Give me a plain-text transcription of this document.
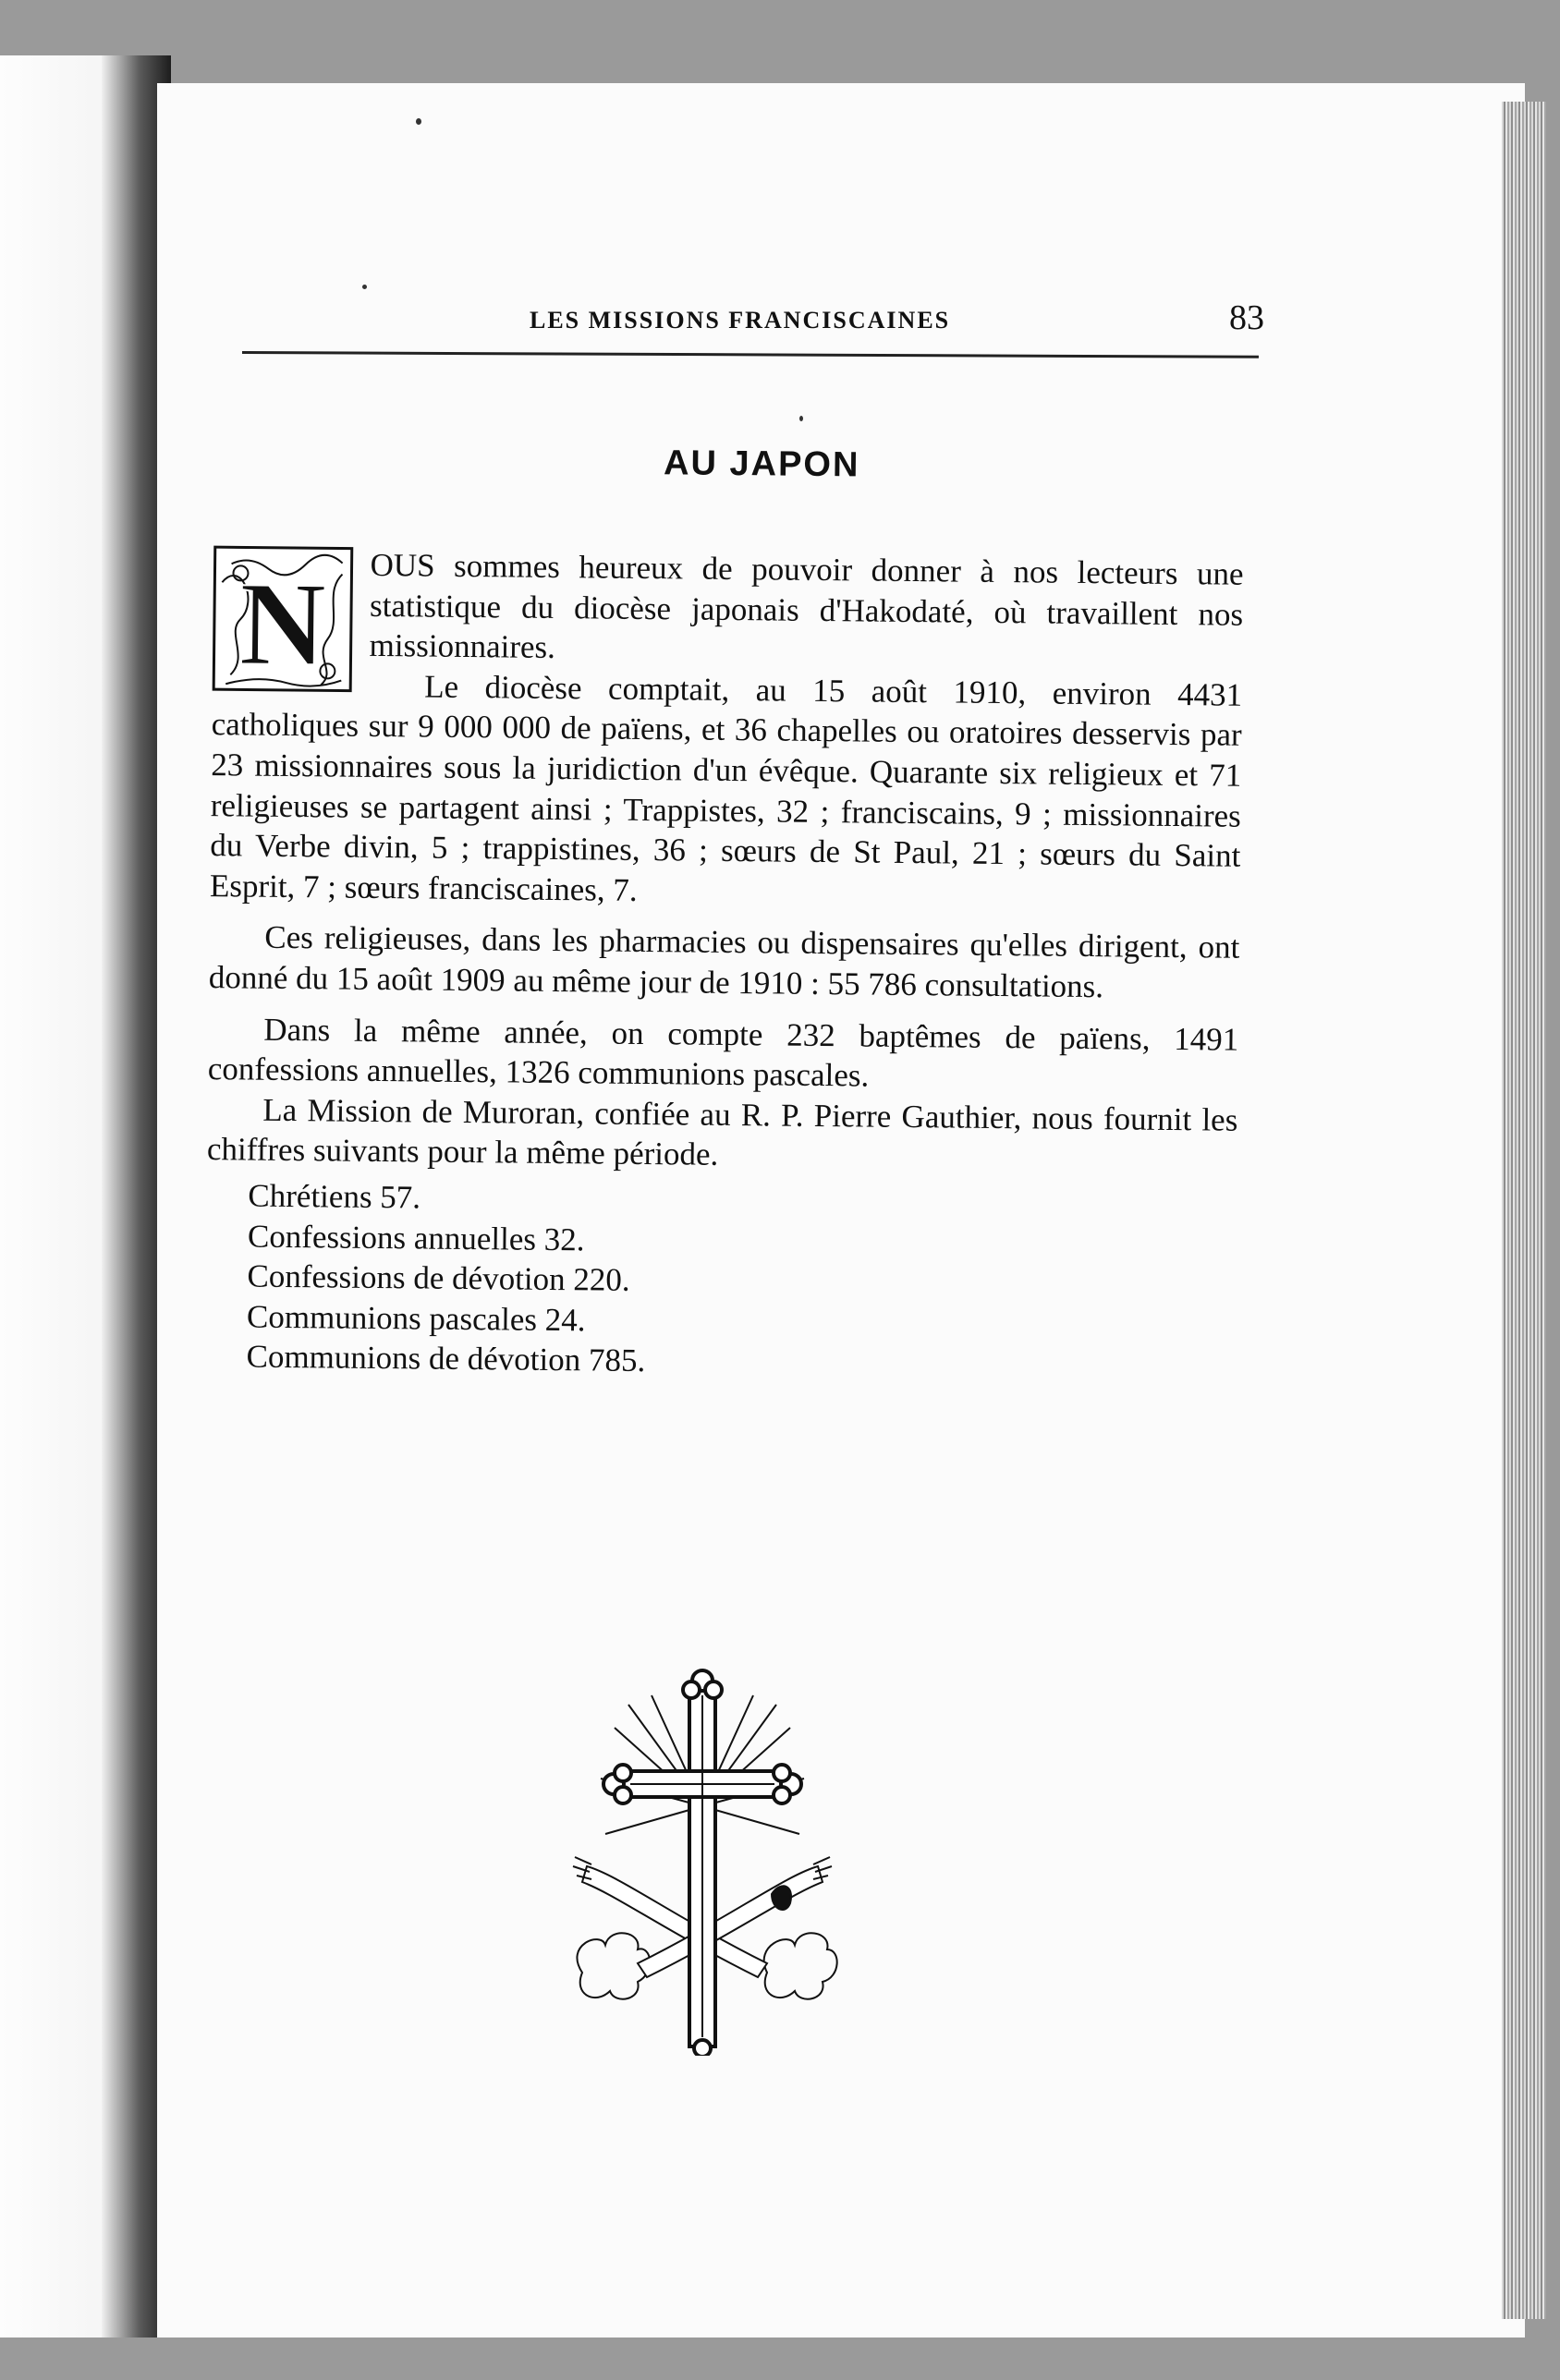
LES MISSIONS FRANCISCAINES	83
AU JAPON
N	OUS sommes heureux de pouvoir donner à nos lecteurs une statistique du diocèse japonais d'Hakodaté, où travaillent nos missionnaires.

Le diocèse comptait, au 15 août 1910, environ 4431 catholiques sur 9 000 000 de païens, et 36 chapelles ou oratoires desservis par 23 missionnaires sous la juridiction d'un évêque. Quarante six religieux et 71 religieuses se partagent ainsi ; Trappistes, 32 ; franciscains, 9 ; missionnaires du Verbe divin, 5 ; trappistines, 36 ; sœurs de St Paul, 21 ; sœurs du Saint Esprit, 7 ; sœurs franciscaines, 7.

Ces religieuses, dans les pharmacies ou dispensaires qu'elles dirigent, ont donné du 15 août 1909 au même jour de 1910 : 55 786 consultations.

Dans la même année, on compte 232 baptêmes de païens, 1491 confessions annuelles, 1326 communions pascales.

La Mission de Muroran, confiée au R. P. Pierre Gauthier, nous fournit les chiffres suivants pour la même période.

Chrétiens 57.
Confessions annuelles 32.
Confessions de dévotion 220.
Communions pascales 24.
Communions de dévotion 785.
